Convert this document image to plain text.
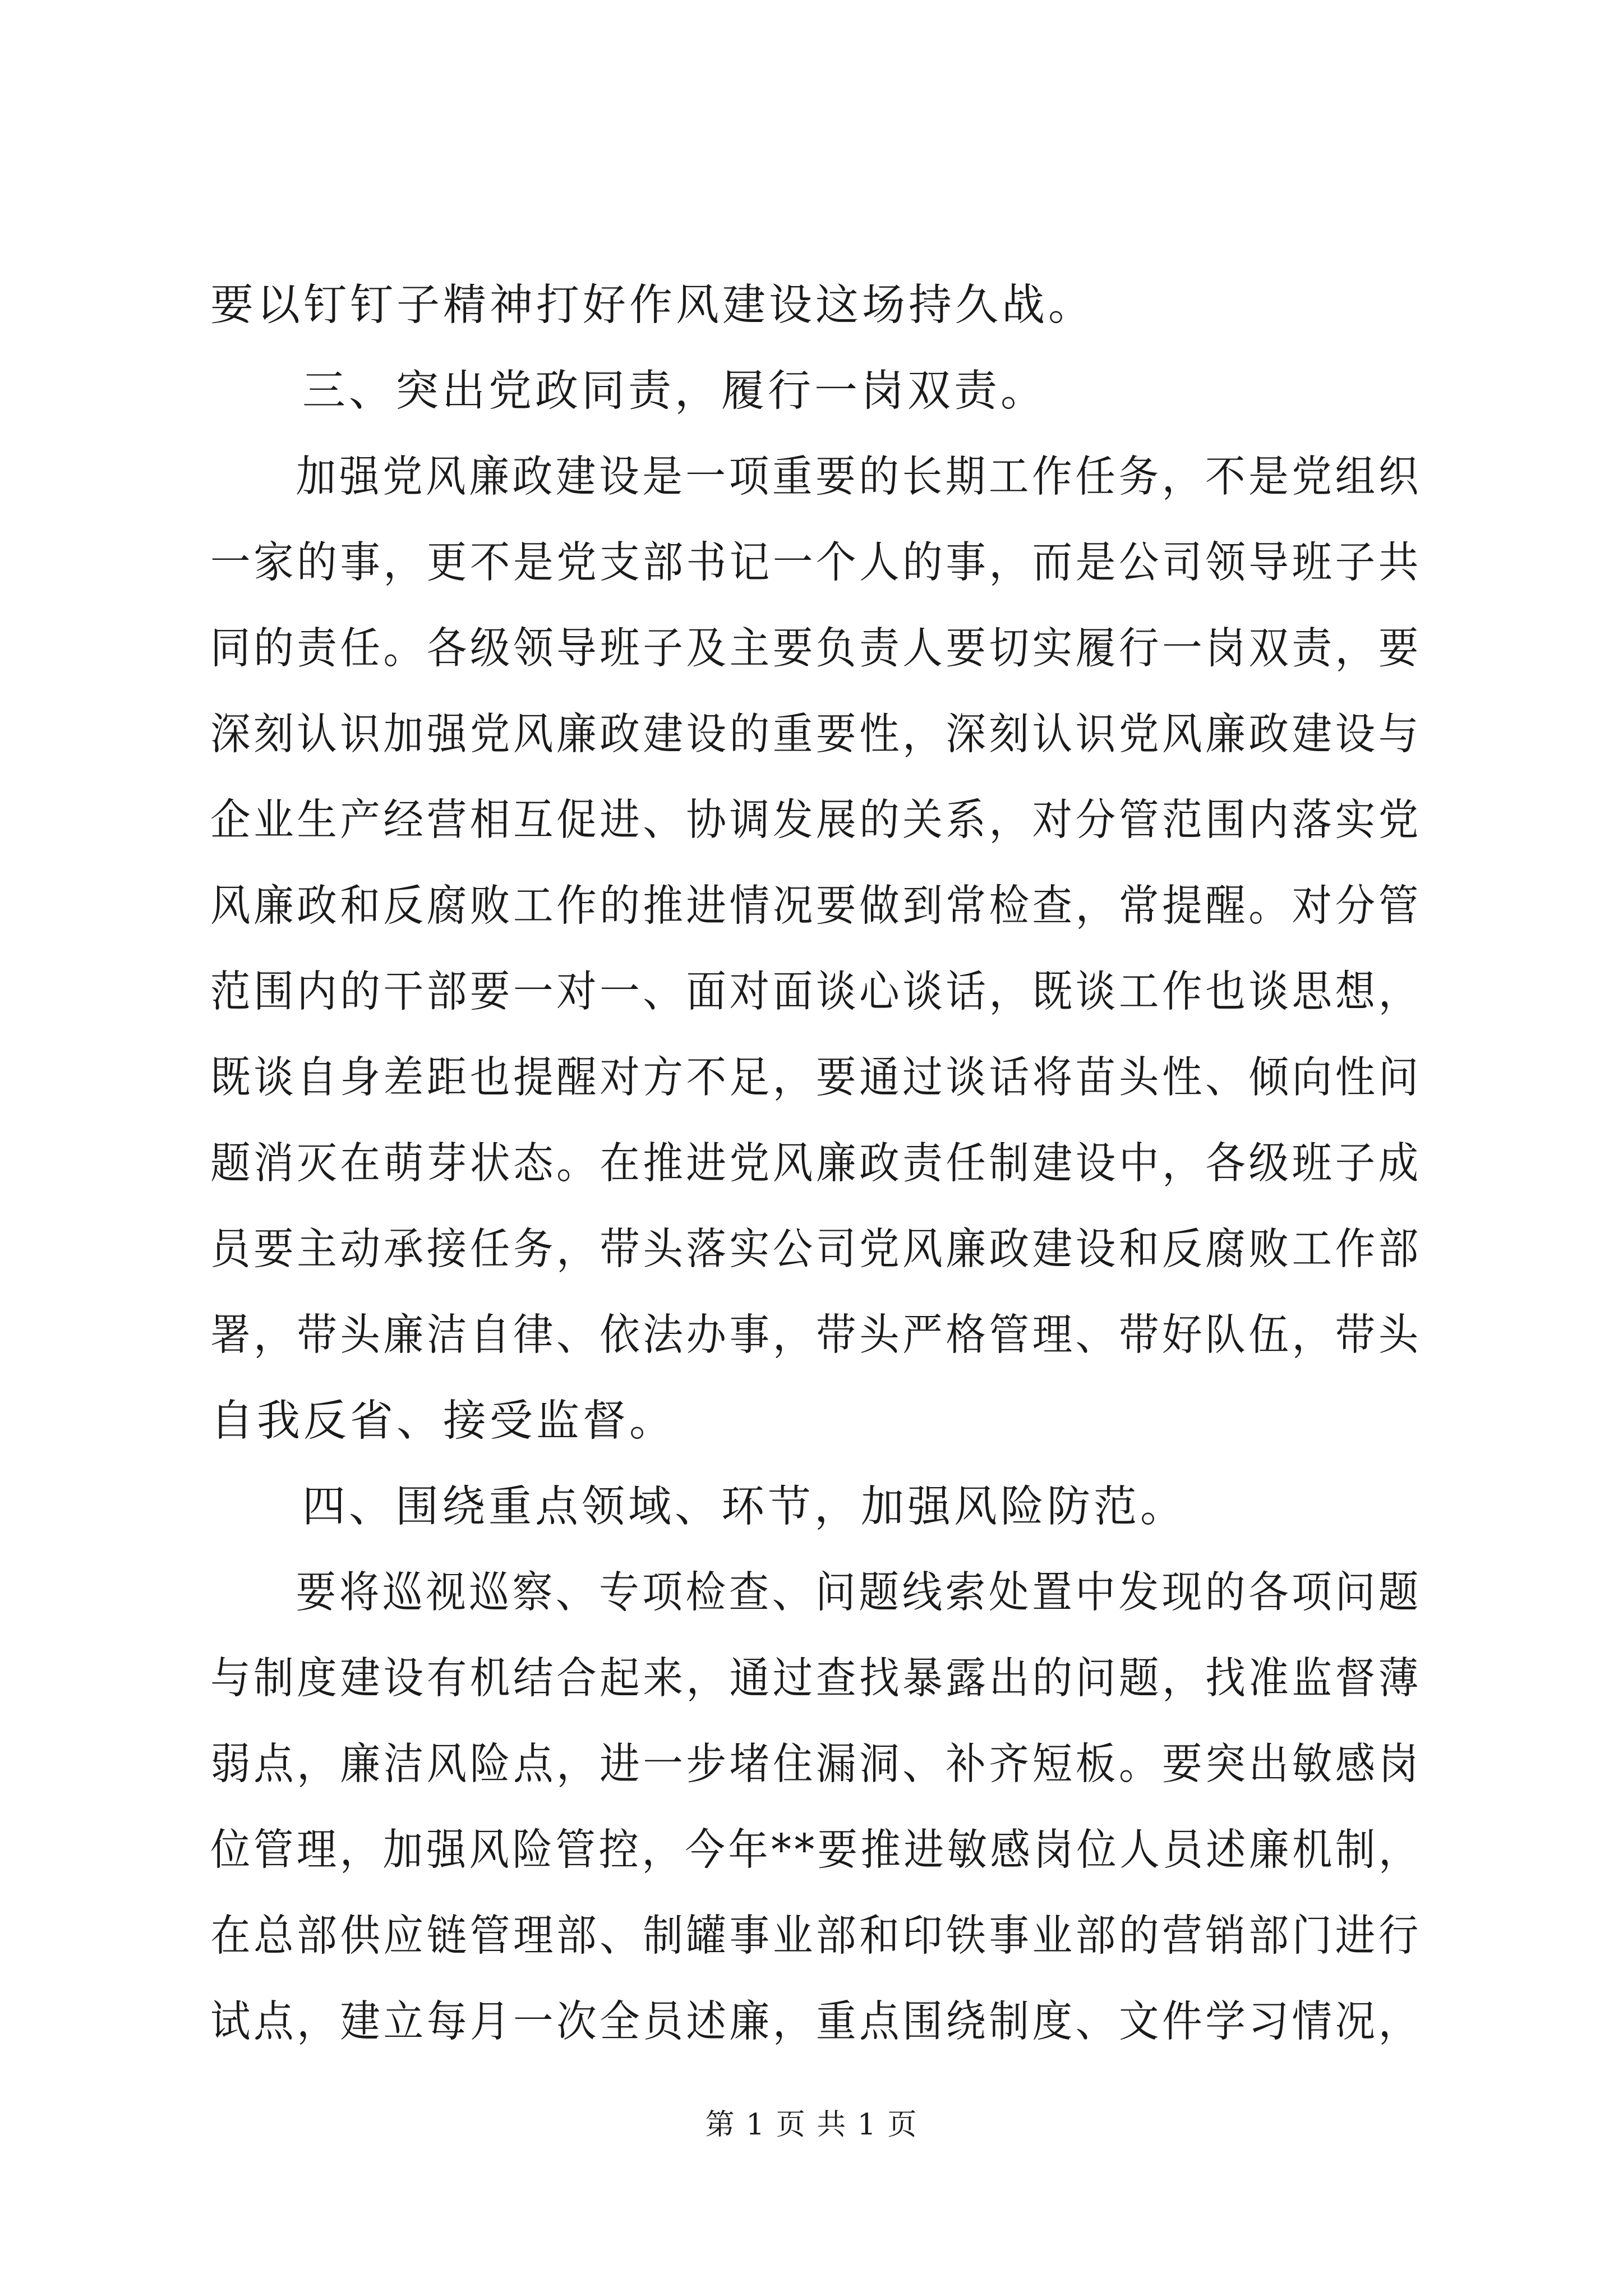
要以钉钉子精神打好作风建设这场持久战。
三、突出党政同责，履行一岗双责。
加强党风廉政建设是一项重要的长期工作任务，不是党组织
一家的事，更不是党支部书记一个人的事，而是公司领导班子共
同的责任。各级领导班子及主要负责人要切实履行一岗双责，要
深刻认识加强党风廉政建设的重要性，深刻认识党风廉政建设与
企业生产经营相互促进、协调发展的关系，对分管范围内落实党
风廉政和反腐败工作的推进情况要做到常检查，常提醒。对分管
范围内的干部要一对一、面对面谈心谈话，既谈工作也谈思想，
既谈自身差距也提醒对方不足，要通过谈话将苗头性、倾向性问
题消灭在萌芽状态。在推进党风廉政责任制建设中，各级班子成
员要主动承接任务，带头落实公司党风廉政建设和反腐败工作部
署，带头廉洁自律、依法办事，带头严格管理、带好队伍，带头
自我反省、接受监督。
四、围绕重点领域、环节，加强风险防范。
要将巡视巡察、专项检查、问题线索处置中发现的各项问题
与制度建设有机结合起来，通过查找暴露出的问题，找准监督薄
弱点，廉洁风险点，进一步堵住漏洞、补齐短板。要突出敏感岗
位管理，加强风险管控，今年**要推进敏感岗位人员述廉机制，
在总部供应链管理部、制罐事业部和印铁事业部的营销部门进行
试点，建立每月一次全员述廉，重点围绕制度、文件学习情况，
第 1 页 共 1 页
